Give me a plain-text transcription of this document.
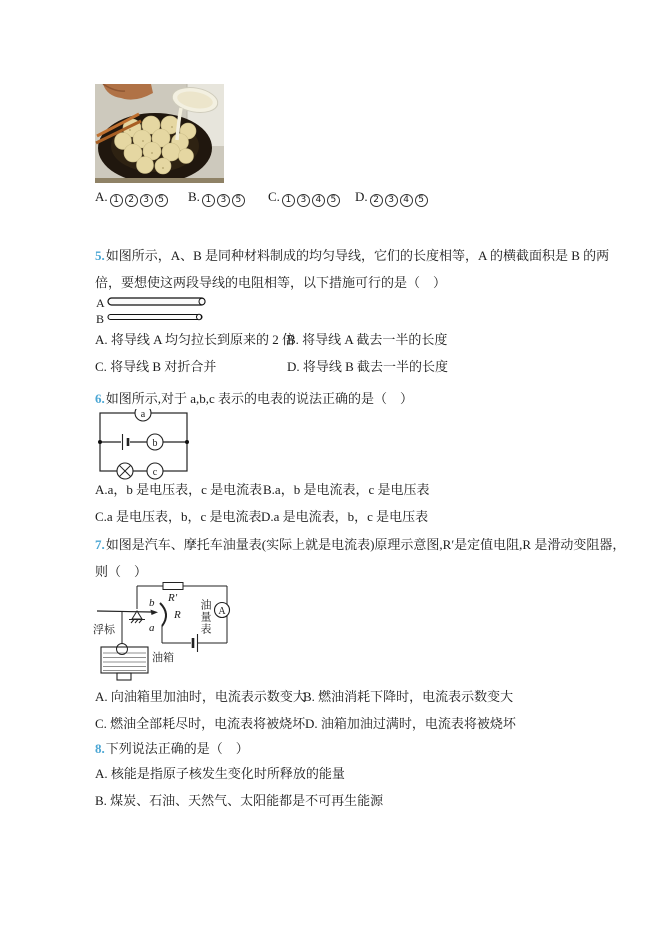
A. 1 2 3 5	B. 1 3 5	C. 1 3 4 5	D. 2 3 4 5
5.如图所示，A、B 是同种材料制成的均匀导线，它们的长度相等，A 的横截面积是 B 的两
倍，要想使这两段导线的电阻相等，以下措施可行的是（　）
A
B
A. 将导线 A 均匀拉长到原来的 2 倍
B. 将导线 A 截去一半的长度
C. 将导线 B 对折合并	D. 将导线 B 截去一半的长度
6.如图所示,对于 a,b,c 表示的电表的说法正确的是（　）
a
b
c
A.a，b 是电压表，c 是电流表 B.a，b 是电流表，c 是电压表
C.a 是电压表，b，c 是电流表 D.a 是电流表，b，c 是电压表
7.如图是汽车、摩托车油量表(实际上就是电流表)原理示意图,R′是定值电阻,R 是滑动变阻器，
则（　）
R′
b
a
R
浮标
油箱
A
油量表
A. 向油箱里加油时，电流表示数变大
B. 燃油消耗下降时，电流表示数变大
C. 燃油全部耗尽时，电流表将被烧坏 D. 油箱加油过满时，电流表将被烧坏
8.下列说法正确的是（　）
A. 核能是指原子核发生变化时所释放的能量
B. 煤炭、石油、天然气、太阳能都是不可再生能源
